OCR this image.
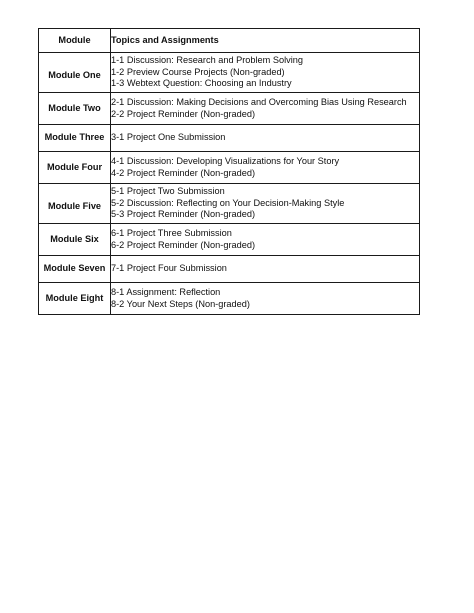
Module	Topics and Assignments

Module One	1-1 Discussion: Research and Problem Solving
1-2 Preview Course Projects (Non-graded)
1-3 Webtext Question: Choosing an Industry

Module Two	2-1 Discussion: Making Decisions and Overcoming Bias Using Research
2-2 Project Reminder (Non-graded)

Module Three	3-1 Project One Submission

Module Four	4-1 Discussion: Developing Visualizations for Your Story
4-2 Project Reminder (Non-graded)

Module Five	5-1 Project Two Submission
5-2 Discussion: Reflecting on Your Decision-Making Style
5-3 Project Reminder (Non-graded)

Module Six	6-1 Project Three Submission
6-2 Project Reminder (Non-graded)

Module Seven	7-1 Project Four Submission

Module Eight	8-1 Assignment: Reflection
8-2 Your Next Steps (Non-graded)
